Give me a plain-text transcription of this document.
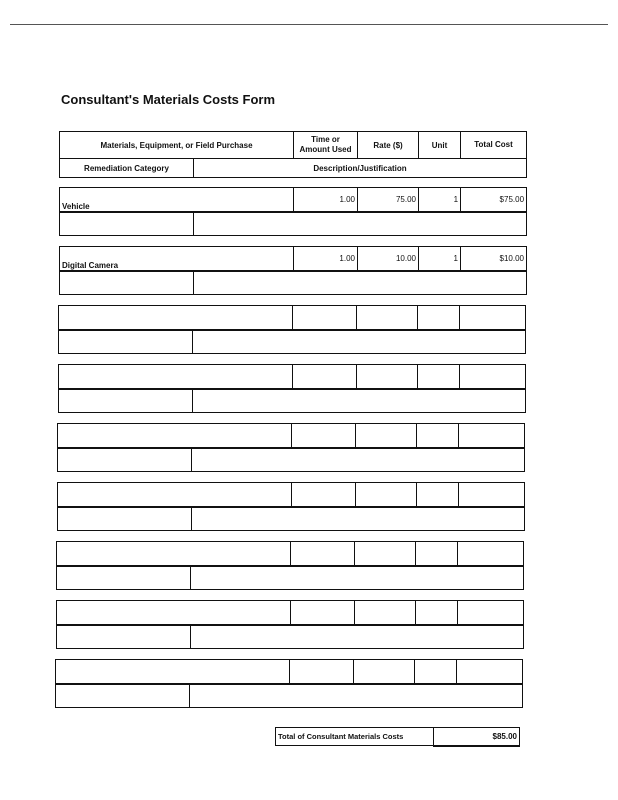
Consultant's Materials Costs Form
Materials, Equipment, or Field Purchase		Time or Amount Used	Rate ($)	Unit	Total Cost
Remediation Category	Description/Justification				
Vehicle		1.00	75.00	1	$75.00

Digital Camera		1.00	10.00	1	$10.00

Total of Consultant Materials Costs	$85.00
